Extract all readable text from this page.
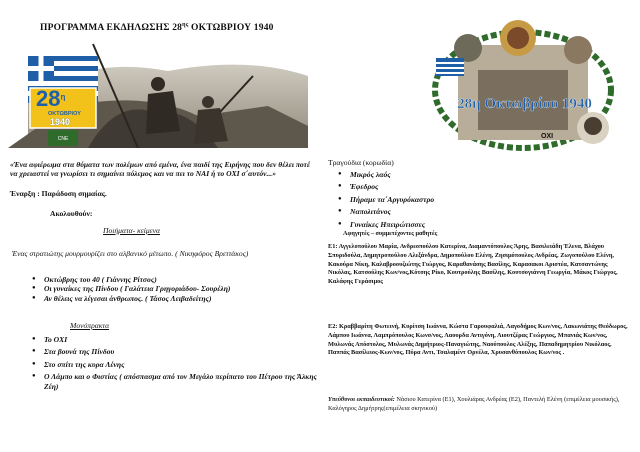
ΠΡΟΓΡΑΜΜΑ ΕΚΔΗΛΩΣΗΣ $28^{\eta\varsigma}$ ΟΚΤΩΒΡΙΟΥ 1940
CNE
$28^\eta$
ΟΚΤΩΒΡΙΟΥ
1940
28η Οκτωβρίου 1940
ΟΧΙ
«Ένα αφιέρωμα στα θύματα των πολέμων από εμένα, ένα παιδί της Ειρήνης που δεν θέλει ποτέ να χρειαστεί να γνωρίσει τι σημαίνει πόλεμος και να πει το ΝΑΙ ή το ΟΧΙ σ΄αυτόν...»
Έναρξη : Παράδοση σημαίας.
Ακολουθούν:
Ποιήματα- κείμενα
Ένας στρατιώτης μουρμουρίζει στο αλβανικό μέτωπο. ( Νικηφόρος Βρεττάκος)
● Οκτώβρης του 40 ( Γιάννης Ρίτσος)
● Οι γυναίκες της Πίνδου ( Γαλάτεια Γρηγοριάδου- Σουρέλη)
● Αν θέλεις να λέγεσαι άνθρωπος. ( Τάσος Λειβαδείτης)
Μονόπρακτα
● Το ΟΧΙ
● Στα βουνά της Πίνδου
● Στο σπίτι της κυρα Λένης
● Ο Λάμπο και ο Φιστίας ( απόσπασμα από τον Μεγάλο περίπατο του Πέτρου της Άλκης Ζέη)
Τραγούδια (κορωδία)
● Μικρός λαός
● Έφεδρος
● Πήραμε τα΄Αργυρόκαστρο
● Ναπολιτάνος
● Γυναίκες Ηπειρώτισσες
Αφηγητές – συμμετέχοντες μαθητές
Ε1: Αγγελοπούλου Μαρία, Ανδρεοπούλου Κατερίνα, Διαμαντόπουλος Άρης, Βασιλειάδη Έλενα, Βλάχου Σπυριδούλα, Δημητροπούλου Αλεξάνδρα, Δημοπούλου Ελένη, Ζησιμόπουλος Ανδρέας, Ζωγοπούλου Ελένη, Κακούρα Νίκη, Καλαβροουζιώτης Γιώργος, Καραθανάσης Βασίλης, Καρασακοι Αριστέα, Κατσαντώνης Νικόλας, Κατσούλης Κων/νος,Κότσης Ρίκο, Κουτρούλης Βασίλης, Κουτσογιάννη Γεωργία, Μάκος Γιώργος, Καλάφης Γεράσιμος
Ε2: Κραββαρίτη Φωτεινή, Κυρίτση Ιωάννα, Κώστα Γαρουφαλιά, Λαγοδήμος Κων/νος, Λακωνιάτης Θεόδωρος, Λάμπου Ιωάννα, Λαμπρόπουλος Κωνσ/νος, Λαουρδα Αντιγόνη, Λιουτζέρας Γεώργιος, Μπανιάς Κων/νος, Μυλωνάς Απόστολος, Μυλωνάς Δημήτριος-Παναγιώτης, Ναούπουλος Αλέξης, Παπαδημητρίου Νικόλαος, Παππάς Βασίλειος-Κων/νος, Πύρα Αντι, Τσαλαμέντ Ορνέλα, Χρυσανθόπουλος Κων/νος .
Υπεύθυνοι εκπαιδευτικοί: Νάσιου Κατερίνα (Ε1), Χουλιάρας Ανδρέας (Ε2), Παντελή Ελένη (επιμέλεια μουσικής), Καλόγηρος Δημήτρης(επιμέλεια σκηνικού)
